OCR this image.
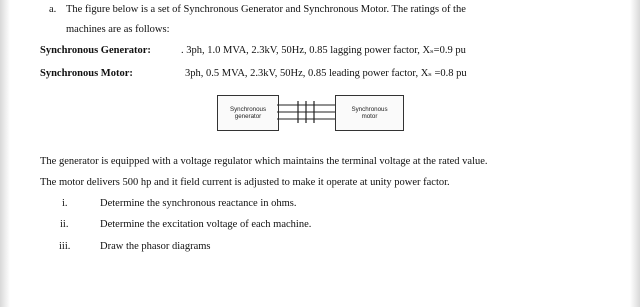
a. The figure below is a set of Synchronous Generator and Synchronous Motor. The ratings of the
machines are as follows:
Synchronous Generator:	. 3ph, 1.0 MVA, 2.3kV, 50Hz, 0.85 lagging power factor, Xₛ=0.9 pu
Synchronous Motor:	3ph, 0.5 MVA, 2.3kV, 50Hz, 0.85 leading power factor, Xₛ =0.8 pu
Synchronous
generator
Synchronous
motor
The generator is equipped with a voltage regulator which maintains the terminal voltage at the rated value.
The motor delivers 500 hp and it field current is adjusted to make it operate at unity power factor.
i.	Determine the synchronous reactance in ohms.
ii.	Determine the excitation voltage of each machine.
iii.	Draw the phasor diagrams
